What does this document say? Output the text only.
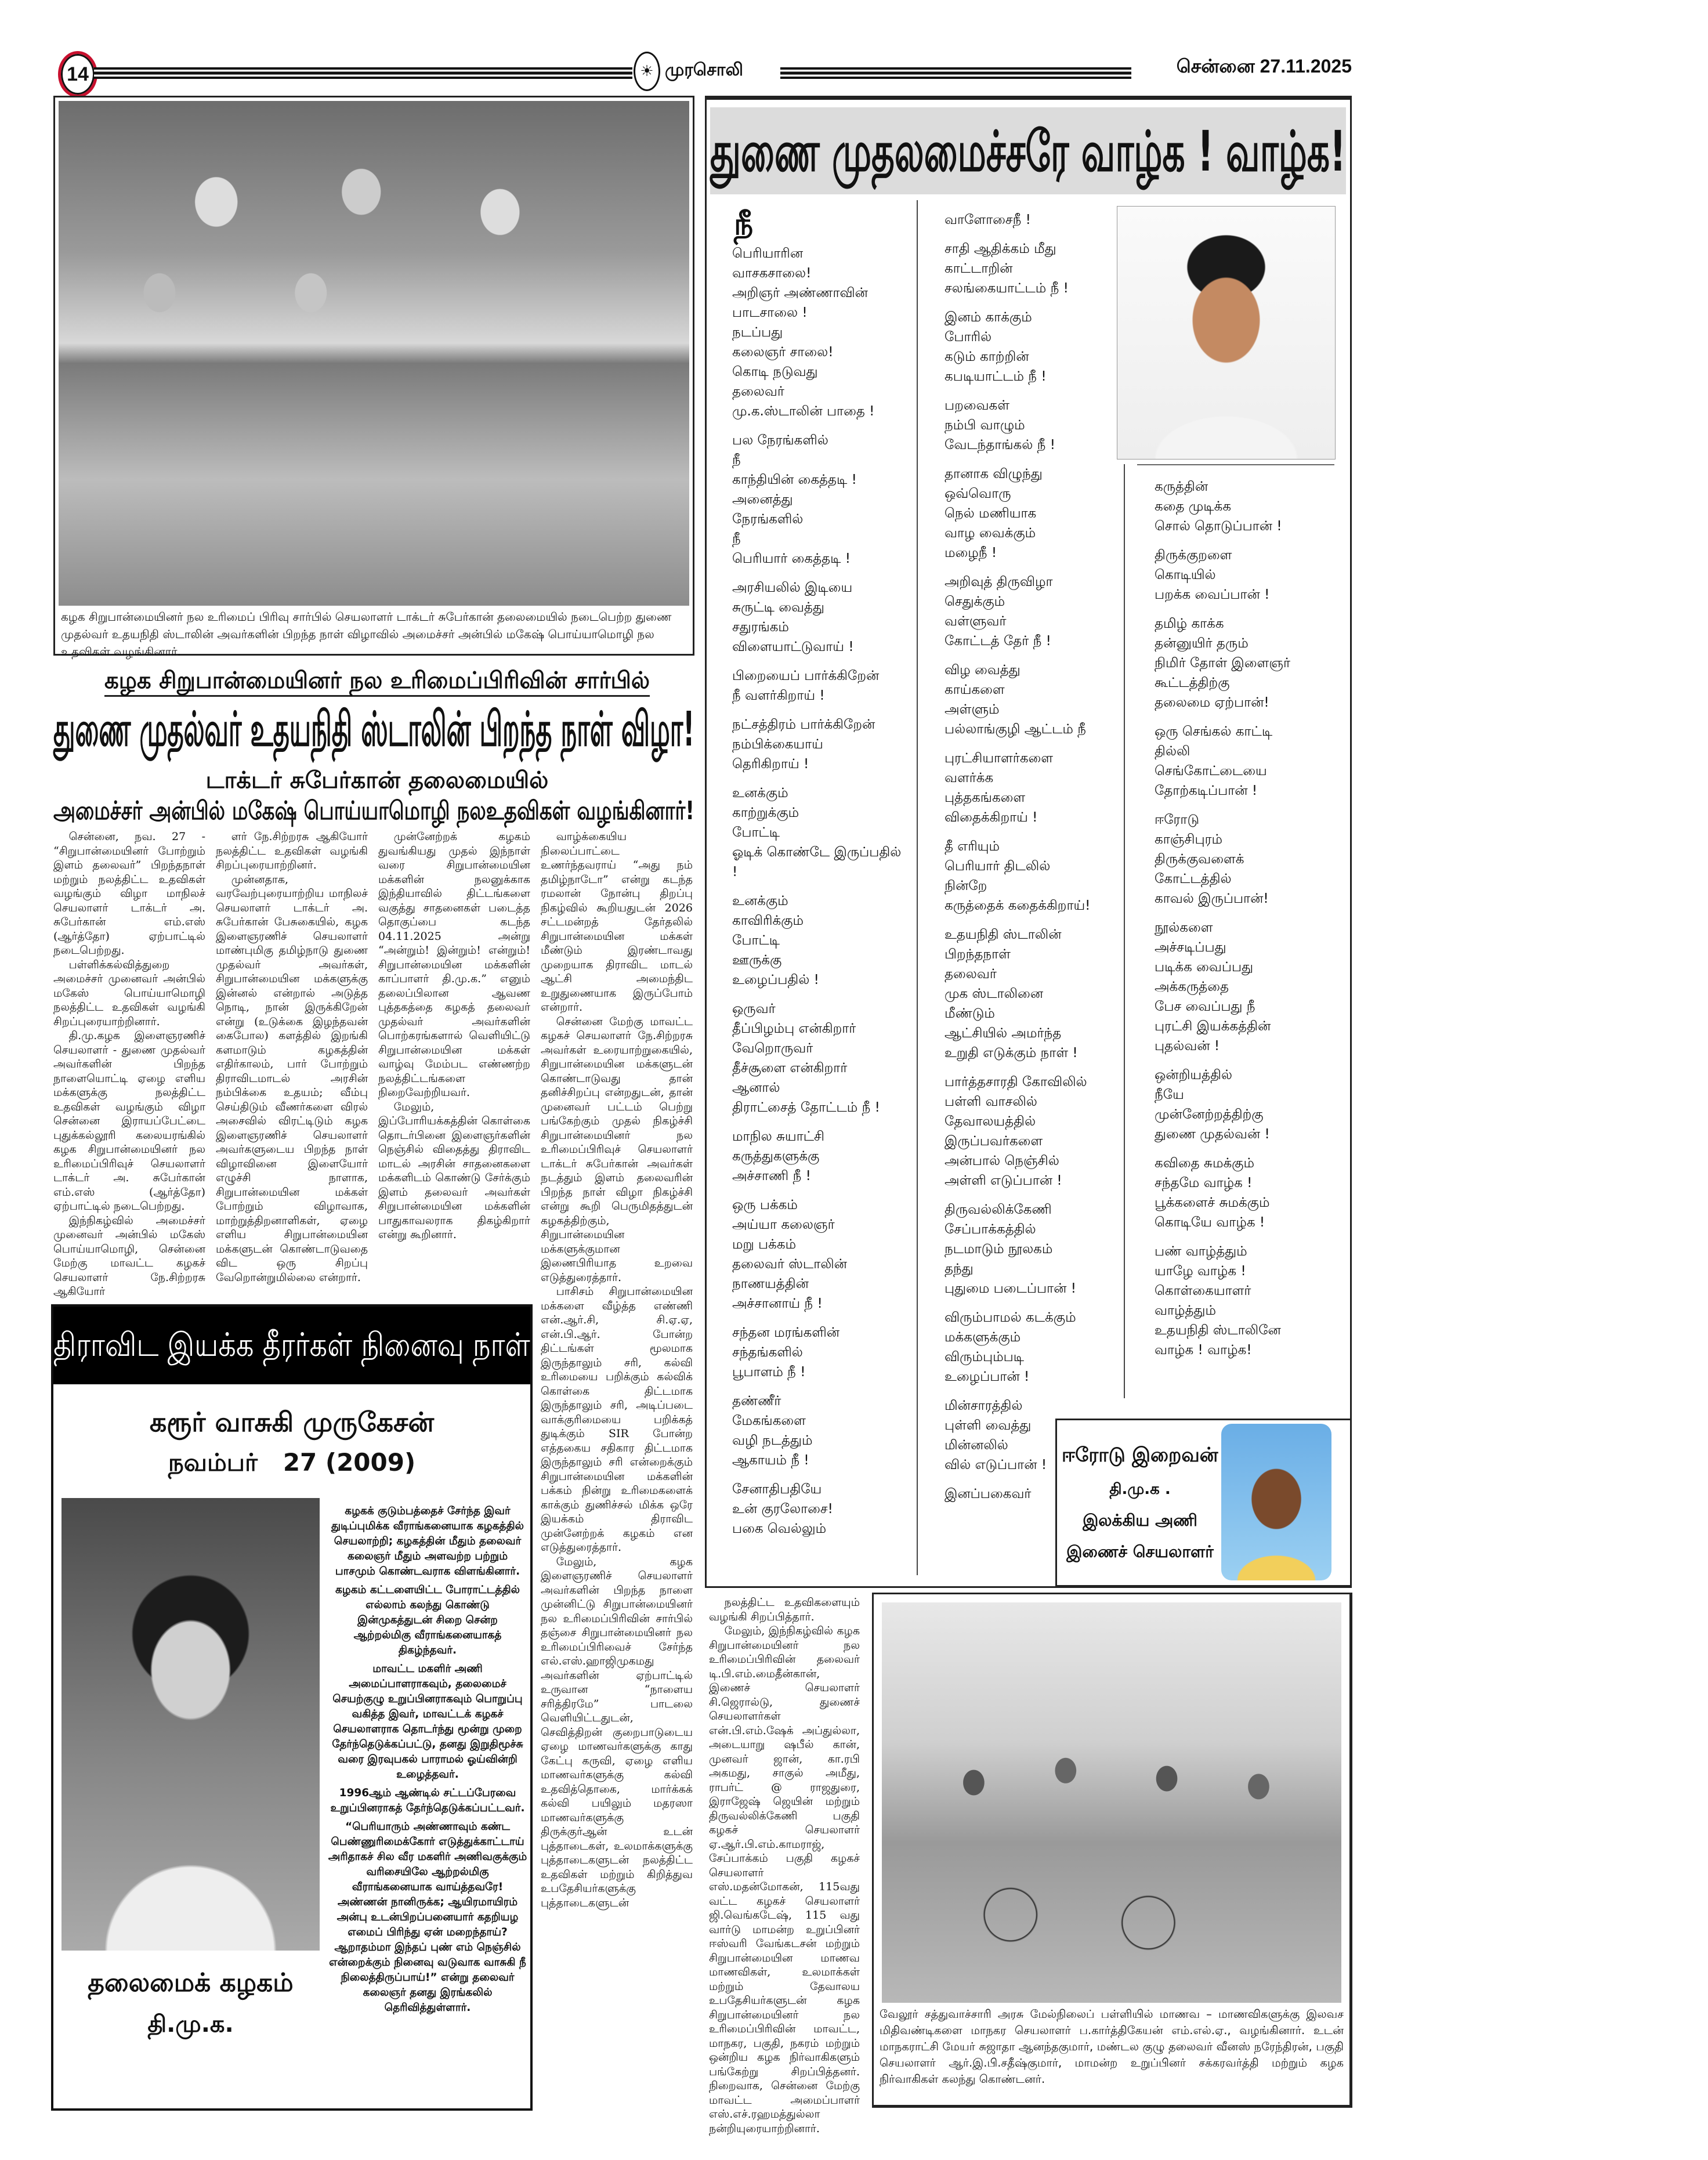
14	☀ முரசொலி	சென்னை 27.11.2025
கழக சிறுபான்மையினர் நல உரிமைப் பிரிவு சார்பில் செயலாளர் டாக்டர் சுபேர்கான் தலைமையில் நடைபெற்ற துணை முதல்வர் உதயநிதி ஸ்டாலின் அவர்களின் பிறந்த நாள் விழாவில் அமைச்சர் அன்பில் மகேஷ் பொய்யாமொழி நல உதவிகள் வழங்கினார்.
கழக சிறுபான்மையினர் நல உரிமைப்பிரிவின் சார்பில்
துணை முதல்வர் உதயநிதி ஸ்டாலின் பிறந்த நாள் விழா!
டாக்டர் சுபேர்கான் தலைமையில்
அமைச்சர் அன்பில் மகேஷ் பொய்யாமொழி நலஉதவிகள் வழங்கினார்!

சென்னை, நவ. 27 - “சிறுபான்மையினர் போற்றும் இளம் தலைவர்” பிறந்தநாள் மற்றும் நலத்திட்ட உதவிகள் வழங்கும் விழா மாநிலச் செயலாளர் டாக்டர் அ. சுபேர்கான் எம்.எஸ் (ஆர்த்தோ) ஏற்பாட்டில் நடைபெற்றது.

பள்ளிக்கல்வித்துறை அமைச்சர் முனைவர் அன்பில் மகேஸ் பொய்யாமொழி நலத்திட்ட உதவிகள் வழங்கி சிறப்புரையாற்றினார்.

தி.மு.கழக இளைஞரணிச் செயலாளர் - துணை முதல்வர் அவர்களின் பிறந்த நாளையொட்டி ஏழை எளிய மக்களுக்கு நலத்திட்ட உதவிகள் வழங்கும் விழா சென்னை இராயப்பேட்டை புதுக்கல்லூரி கலையரங்கில் கழக சிறுபான்மையினர் நல உரிமைப்பிரிவுச் செயலாளர் டாக்டர் அ. சுபேர்கான் எம்.எஸ் (ஆர்த்தோ) ஏற்பாட்டில் நடைபெற்றது.

இந்நிகழ்வில் அமைச்சர் முனைவர் அன்பில் மகேஸ் பொய்யாமொழி, சென்னை மேற்கு மாவட்ட கழகச் செயலாளர் நே.சிற்றரசு ஆகியோர்

ளர் நே.சிற்றரசு ஆகியோர் நலத்திட்ட உதவிகள் வழங்கி சிறப்புரையாற்றினர்.

முன்னதாக, வரவேற்புரையாற்றிய மாநிலச் செயலாளர் டாக்டர் அ. சுபேர்கான் பேசுகையில், கழக இளைஞரணிச் செயலாளர் மாண்புமிகு தமிழ்நாடு துணை முதல்வர் அவர்கள், சிறுபான்மையின மக்களுக்கு இன்னல் என்றால் அடுத்த நொடி, நான் இருக்கிறேன் என்று (உடுக்கை இழந்தவன் கைபோல) களத்தில் இறங்கி களமாடும் கழகத்தின் எதிர்காலம், பார் போற்றும் திராவிடமாடல் அரசின் நம்பிக்கை உதயம்; வீம்பு செய்திடும் வீணர்களை விரல் அசைவில் விரட்டிடும் கழக இளைஞரணிச் செயலாளர் அவர்களுடைய பிறந்த நாள் விழாவினை இளையோர் எழுச்சி நாளாக, சிறுபான்மையின மக்கள் போற்றும் விழாவாக, மாற்றுத்திறனாளிகள், ஏழை எளிய சிறுபான்மையின மக்களுடன் கொண்டாடுவதை விட ஒரு சிறப்பு வேறொன்றுமில்லை என்றார்.

முன்னேற்றக் கழகம் துவங்கியது முதல் இந்நாள் வரை சிறுபான்மையின மக்களின் நலனுக்காக இந்தியாவில் திட்டங்களை வகுத்து சாதனைகள் படைத்த தொகுப்பை கடந்த 04.11.2025 அன்று “அன்றும்! இன்றும்! என்றும்! சிறுபான்மையின மக்களின் காப்பாளர் தி.மு.க.” எனும் தலைப்பிலான ஆவண புத்தகத்தை கழகத் தலைவர் முதல்வர் அவர்களின் பொற்கரங்களால் வெளியிட்டு சிறுபான்மையின மக்கள் வாழ்வு மேம்பட எண்ணற்ற நலத்திட்டங்களை நிறைவேற்றியவர்.

மேலும், இப்போரியக்கத்தின் கொள்கை தொடர்பினை இளைஞர்களின் நெஞ்சில் விதைத்து திராவிட மாடல் அரசின் சாதனைகளை மக்களிடம் கொண்டு சேர்க்கும் இளம் தலைவர் அவர்கள் சிறுபான்மையின மக்களின் பாதுகாவலராக திகழ்கிறார் என்று கூறினார்.

வாழ்க்கையிய நிலைப்பாட்டை உணர்ந்தவராய் “அது நம் தமிழ்நாடோ” என்று கடந்த ரமலான் நோன்பு திறப்பு நிகழ்வில் கூறியதுடன் 2026 சட்டமன்றத் தேர்தலில் சிறுபான்மையின மக்கள் மீண்டும் இரண்டாவது முறையாக திராவிட மாடல் ஆட்சி அமைந்திட உறுதுணையாக இருப்போம் என்றார்.

சென்னை மேற்கு மாவட்ட கழகச் செயலாளர் நே.சிற்றரசு அவர்கள் உரையாற்றுகையில், சிறுபான்மையின மக்களுடன் கொண்டாடுவது தான் தனிச்சிறப்பு என்றதுடன், தான் முனைவர் பட்டம் பெற்று பங்கேற்கும் முதல் நிகழ்ச்சி சிறுபான்மையினர் நல உரிமைப்பிரிவுச் செயலாளர் டாக்டர் சுபேர்கான் அவர்கள் நடத்தும் இளம் தலைவரின் பிறந்த நாள் விழா நிகழ்ச்சி என்று கூறி பெருமிதத்துடன் கழகத்திற்கும், சிறுபான்மையின மக்களுக்குமான இணைபிரியாத உறவை எடுத்துரைத்தார்.

பாசிசம் சிறுபான்மையின மக்களை வீழ்த்த எண்ணி என்.ஆர்.சி, சி.ஏ.ஏ, என்.பி.ஆர். போன்ற திட்டங்கள் மூலமாக இருந்தாலும் சரி, கல்வி உரிமையை பறிக்கும் கல்விக் கொள்கை திட்டமாக இருந்தாலும் சரி, அடிப்படை வாக்குரிமையை பறிக்கத் துடிக்கும் SIR போன்ற எத்தகைய சதிகார திட்டமாக இருந்தாலும் சரி என்றைக்கும் சிறுபான்மையின மக்களின் பக்கம் நின்று உரிமைகளைக் காக்கும் துணிச்சல் மிக்க ஒரே இயக்கம் திராவிட முன்னேற்றக் கழகம் என எடுத்துரைத்தார்.

மேலும், கழக இளைஞரணிச் செயலாளர் அவர்களின் பிறந்த நாளை முன்னிட்டு சிறுபான்மையினர் நல உரிமைப்பிரிவின் சார்பில் தஞ்சை சிறுபான்மையினர் நல உரிமைப்பிரிவைச் சேர்ந்த எல்.எஸ்.ஹாஜிமுகமது அவர்களின் ஏற்பாட்டில் உருவான “நாளைய சரித்திரமே” பாடலை வெளியிட்டதுடன், செவித்திறன் குறைபாடுடைய ஏழை மாணவர்களுக்கு காது கேட்பு கருவி, ஏழை எளிய மாணவர்களுக்கு கல்வி உதவித்தொகை, மார்க்கக் கல்வி பயிலும் மதரஸா மாணவர்களுக்கு திருக்குர்ஆன் உடன் புத்தாடைகள், உலமாக்களுக்கு புத்தாடைகளுடன் நலத்திட்ட உதவிகள் மற்றும் கிறித்துவ உபதேசியர்களுக்கு புத்தாடைகளுடன்

நலத்திட்ட உதவிகளையும் வழங்கி சிறப்பித்தார்.

மேலும், இந்நிகழ்வில் கழக சிறுபான்மையினர் நல உரிமைப்பிரிவின் தலைவர் டி.பி.எம்.மைதீன்கான், இணைச் செயலாளர் சி.ஜெரால்டு, துணைச் செயலாளர்கள் என்.பி.எம்.ஷேக் அப்துல்லா, அடையாறு ஷபீல் கான், முனவர் ஜான், கா.ரபி அகமது, சாகுல் அமீது, ராபர்ட் @ ராஜதுரை, இராஜேஷ் ஜெயின் மற்றும் திருவல்லிக்கேணி பகுதி கழகச் செயலாளர் ஏ.ஆர்.பி.எம்.காமராஜ், சேப்பாக்கம் பகுதி கழகச் செயலாளர் எஸ்.மதன்மோகன், 115வது வட்ட கழகச் செயலாளர் ஜி.வெங்கடேஷ், 115 வது வார்டு மாமன்ற உறுப்பினர் ஈஸ்வரி வேங்கடசன் மற்றும் சிறுபான்மையின மாணவ மாணவிகள், உலமாக்கள் மற்றும் தேவாலய உபதேசியர்களுடன் கழக சிறுபான்மையினர் நல உரிமைப்பிரிவின் மாவட்ட, மாநகர, பகுதி, நகரம் மற்றும் ஒன்றிய கழக நிர்வாகிகளும் பங்கேற்று சிறப்பித்தனர். நிறைவாக, சென்னை மேற்கு மாவட்ட அமைப்பாளர் எஸ்.எச்.ரஹமத்துல்லா நன்றியுரையாற்றினார்.

திராவிட இயக்க தீரர்கள் நினைவு நாள்
கரூர் வாசுகி முருகேசன்
நவம்பர்   27 (2009)

கழகக் குடும்பத்தைச் சேர்ந்த இவர் துடிப்புமிக்க வீராங்கனையாக கழகத்தில் செயலாற்றி; கழகத்தின் மீதும் தலைவர் கலைஞர் மீதும் அளவற்ற பற்றும் பாசமும் கொண்டவராக விளங்கினார்.

கழகம் கட்டளையிட்ட போராட்டத்தில் எல்லாம் கலந்து கொண்டு இன்முகத்துடன் சிறை சென்ற ஆற்றல்மிகு வீராங்கனையாகத் திகழ்ந்தவர்.

மாவட்ட மகளிர் அணி அமைப்பாளராகவும், தலைமைச் செயற்குழு உறுப்பினராகவும் பொறுப்பு வகித்த இவர், மாவட்டக் கழகச் செயலாளராக தொடர்ந்து மூன்று முறை தேர்ந்தெடுக்கப்பட்டு, தனது இறுதிமூச்சு வரை இரவுபகல் பாராமல் ஓய்வின்றி உழைத்தவர்.

1996ஆம் ஆண்டில் சட்டப்பேரவை உறுப்பினராகத் தேர்ந்தெடுக்கப்பட்டவர்.

“பெரியாரும் அண்ணாவும் கண்ட பெண்ணுரிமைக்கோர் எடுத்துக்காட்டாய் அரிதாகச் சில வீர மகளிர் அணிவகுக்கும் வரிசையிலே ஆற்றல்மிகு வீராங்கனையாக வாய்த்தவரே! அண்ணன் நானிருக்க; ஆயிரமாயிரம் அன்பு உடன்பிறப்பனையார் கதறியழ எமைப் பிரிந்து ஏன் மறைந்தாய்? ஆறாதம்மா இந்தப் புண் எம் நெஞ்சில் என்றைக்கும் நினைவு வடுவாக வாசுகி நீ நிலைத்திருப்பாய்!” என்று தலைவர் கலைஞர் தனது இரங்கலில் தெரிவித்துள்ளார்.

தலைமைக் கழகம்
தி.மு.க.
துணை முதலமைச்சரே வாழ்க ! வாழ்க!
நீ
பெரியாரின
வாசகசாலை!
அறிஞர் அண்ணாவின்
பாடசாலை !
நடப்பது
கலைஞர் சாலை!
கொடி நடுவது
தலைவர்
மு.க.ஸ்டாலின் பாதை !
பல நேரங்களில்
நீ
காந்தியின் கைத்தடி !
அனைத்து
நேரங்களில்
நீ
பெரியார் கைத்தடி !
அரசியலில் இடியை
சுருட்டி வைத்து
சதுரங்கம்
விளையாட்டுவாய் !
பிறையைப் பார்க்கிறேன்
நீ வளர்கிறாய் !
நட்சத்திரம் பார்க்கிறேன்
நம்பிக்கையாய்
தெரிகிறாய் !
உனக்கும்
காற்றுக்கும்
போட்டி
ஓடிக் கொண்டே இருப்பதில் !
உனக்கும்
காவிரிக்கும்
போட்டி
ஊருக்கு
உழைப்பதில் !
ஒருவர்
தீப்பிழம்பு என்கிறார்
வேறொருவர்
தீச்சூளை என்கிறார்
ஆனால்
திராட்சைத் தோட்டம் நீ !
மாநில சுயாட்சி
கருத்துகளுக்கு
அச்சாணி நீ !
ஒரு பக்கம்
அய்யா கலைஞர்
மறு பக்கம்
தலைவர் ஸ்டாலின்
நாணயத்தின்
அச்சானாய் நீ !
சந்தன மரங்களின்
சந்தங்களில்
பூபாளம் நீ !
தண்ணீர்
மேகங்களை
வழி நடத்தும்
ஆகாயம் நீ !
சேனாதிபதியே
உன் குரலோசை!
பகை வெல்லும்
வாளோசைநீ !
சாதி ஆதிக்கம் மீது
காட்டாறின்
சலங்கையாட்டம் நீ !
இனம் காக்கும்
போரில்
கடும் காற்றின்
கபடியாட்டம் நீ !
பறவைகள்
நம்பி வாழும்
வேடந்தாங்கல் நீ !
தானாக விழுந்து
ஒவ்வொரு
நெல் மணியாக
வாழ வைக்கும்
மழைநீ !
அறிவுத் திருவிழா
செதுக்கும்
வள்ளுவர்
கோட்டத் தேர் நீ !
விழ வைத்து
காய்களை
அள்ளும்
பல்லாங்குழி ஆட்டம் நீ
புரட்சியாளர்களை
வளர்க்க
புத்தகங்களை
விதைக்கிறாய் !
தீ எரியும்
பெரியார் திடலில்
நின்றே
கருத்தைக் கதைக்கிறாய்!
உதயநிதி ஸ்டாலின்
பிறந்தநாள்
தலைவர்
முக ஸ்டாலினை
மீண்டும்
ஆட்சியில் அமர்ந்த
உறுதி எடுக்கும் நாள் !
பார்த்தசாரதி கோவிலில்
பள்ளி வாசலில்
தேவாலயத்தில்
இருப்பவர்களை
அன்பால் நெஞ்சில்
அள்ளி எடுப்பான் !
திருவல்லிக்கேணி
சேப்பாக்கத்தில்
நடமாடும் நூலகம்
தந்து
புதுமை படைப்பான் !
விரும்பாமல் கடக்கும்
மக்களுக்கும்
விரும்பும்படி
உழைப்பான் !
மின்சாரத்தில்
புள்ளி வைத்து
மின்னலில்
வில் எடுப்பான் !
இனப்பகைவர்
கருத்தின்
கதை முடிக்க
சொல் தொடுப்பான் !
திருக்குறளை
கொடியில்
பறக்க வைப்பான் !
தமிழ் காக்க
தன்னுயிர் தரும்
நிமிர் தோள் இளைஞர்
கூட்டத்திற்கு
தலைமை ஏற்பான்!
ஒரு செங்கல் காட்டி
தில்லி
செங்கோட்டையை
தோற்கடிப்பான் !
ஈரோடு
காஞ்சிபுரம்
திருக்குவளைக்
கோட்டத்தில்
காவல் இருப்பான்!
நூல்களை
அச்சடிப்பது
படிக்க வைப்பது
அக்கருத்தை
பேச வைப்பது நீ
புரட்சி இயக்கத்தின்
புதல்வன் !
ஒன்றியத்தில்
நீயே
முன்னேற்றத்திற்கு
துணை முதல்வன் !
கவிதை சுமக்கும்
சந்தமே வாழ்க !
பூக்களைச் சுமக்கும்
கொடியே வாழ்க !
பண் வாழ்த்தும்
யாழே வாழ்க !
கொள்கையாளர்
வாழ்த்தும்
உதயநிதி ஸ்டாலினே
வாழ்க ! வாழ்க!
ஈரோடு இறைவன்
தி.மு.க .
இலக்கிய அணி
இணைச் செயலாளர்
வேலூர் சத்துவாச்சாரி அரசு மேல்நிலைப் பள்ளியில் மாணவ – மாணவிகளுக்கு இலவச மிதிவண்டிகளை மாநகர செயலாளர் ப.கார்த்திகேயன் எம்.எல்.ஏ., வழங்கினார். உடன் மாநகராட்சி மேயர் சுஜாதா ஆனந்தகுமார், மண்டல குழு தலைவர் வீனஸ் நரேந்திரன், பகுதி செயலாளர் ஆர்.இ.பி.சதீஷ்குமார், மாமன்ற உறுப்பினர் சக்கரவர்த்தி மற்றும் கழக நிர்வாகிகள் கலந்து கொண்டனர்.
